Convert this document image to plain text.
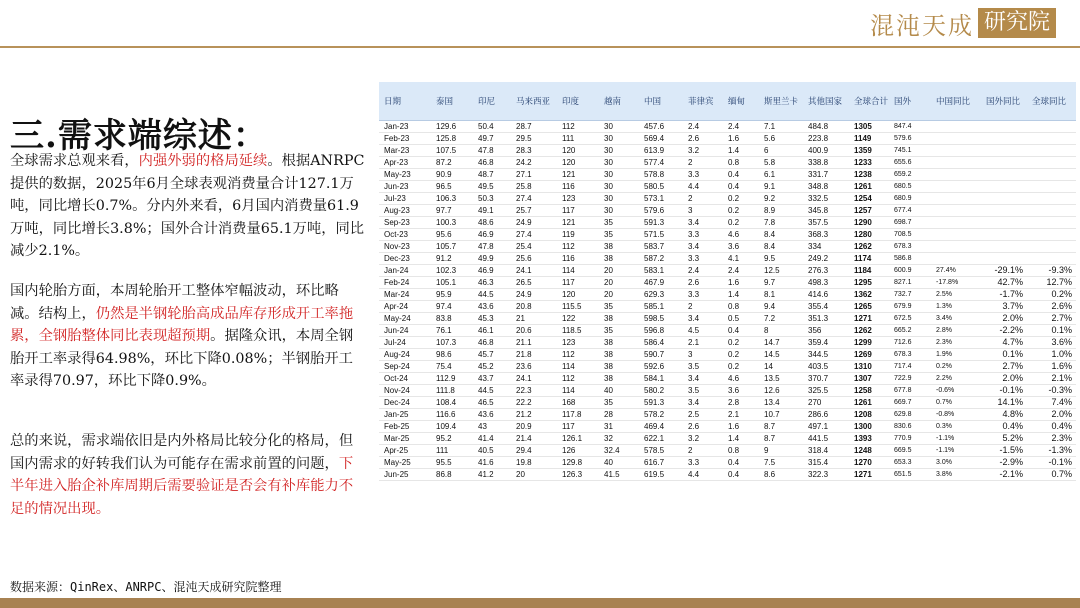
混沌天成 研究院
三.需求端综述：
全球需求总观来看，内强外弱的格局延续。根据ANRPC提供的数据，2025年6月全球表观消费量合计127.1万吨，同比增长0.7%。分内外来看，6月国内消费量61.9万吨，同比增长3.8%；国外合计消费量65.1万吨，同比减少2.1%。
国内轮胎方面，本周轮胎开工整体窄幅波动，环比略减。结构上，仍然是半钢轮胎高成品库存形成开工率拖累，全钢胎整体同比表现超预期。据隆众讯，本周全钢胎开工率录得64.98%，环比下降0.08%；半钢胎开工率录得70.97，环比下降0.9%。
总的来说，需求端依旧是内外格局比较分化的格局，但国内需求的好转我们认为可能存在需求前置的问题，下半年进入胎企补库周期后需要验证是否会有补库能力不足的情况出现。
日期	泰国	印尼	马来西亚	印度	越南	中国	菲律宾	缅甸	斯里兰卡	其他国家	全球合计	国外	中国同比	国外同比	全球同比
Jan-23	129.6	50.4	28.7	112	30	457.6	2.4	2.4	7.1	484.8	1305	847.4			
Feb-23	125.8	49.7	29.5	111	30	569.4	2.6	1.6	5.6	223.8	1149	579.6			
Mar-23	107.5	47.8	28.3	120	30	613.9	3.2	1.4	6	400.9	1359	745.1			
Apr-23	87.2	46.8	24.2	120	30	577.4	2	0.8	5.8	338.8	1233	655.6			
May-23	90.9	48.7	27.1	121	30	578.8	3.3	0.4	6.1	331.7	1238	659.2			
Jun-23	96.5	49.5	25.8	116	30	580.5	4.4	0.4	9.1	348.8	1261	680.5			
Jul-23	106.3	50.3	27.4	123	30	573.1	2	0.2	9.2	332.5	1254	680.9			
Aug-23	97.7	49.1	25.7	117	30	579.6	3	0.2	8.9	345.8	1257	677.4			
Sep-23	100.3	48.6	24.9	121	35	591.3	3.4	0.2	7.8	357.5	1290	698.7			
Oct-23	95.6	46.9	27.4	119	35	571.5	3.3	4.6	8.4	368.3	1280	708.5			
Nov-23	105.7	47.8	25.4	112	38	583.7	3.4	3.6	8.4	334	1262	678.3			
Dec-23	91.2	49.9	25.6	116	38	587.2	3.3	4.1	9.5	249.2	1174	586.8			
Jan-24	102.3	46.9	24.1	114	20	583.1	2.4	2.4	12.5	276.3	1184	600.9	27.4%	-29.1%	-9.3%
Feb-24	105.1	46.3	26.5	117	20	467.9	2.6	1.6	9.7	498.3	1295	827.1	-17.8%	42.7%	12.7%
Mar-24	95.9	44.5	24.9	120	20	629.3	3.3	1.4	8.1	414.6	1362	732.7	2.5%	-1.7%	0.2%
Apr-24	97.4	43.6	20.8	115.5	35	585.1	2	0.8	9.4	355.4	1265	679.9	1.3%	3.7%	2.6%
May-24	83.8	45.3	21	122	38	598.5	3.4	0.5	7.2	351.3	1271	672.5	3.4%	2.0%	2.7%
Jun-24	76.1	46.1	20.6	118.5	35	596.8	4.5	0.4	8	356	1262	665.2	2.8%	-2.2%	0.1%
Jul-24	107.3	46.8	21.1	123	38	586.4	2.1	0.2	14.7	359.4	1299	712.6	2.3%	4.7%	3.6%
Aug-24	98.6	45.7	21.8	112	38	590.7	3	0.2	14.5	344.5	1269	678.3	1.9%	0.1%	1.0%
Sep-24	75.4	45.2	23.6	114	38	592.6	3.5	0.2	14	403.5	1310	717.4	0.2%	2.7%	1.6%
Oct-24	112.9	43.7	24.1	112	38	584.1	3.4	4.6	13.5	370.7	1307	722.9	2.2%	2.0%	2.1%
Nov-24	111.8	44.5	22.3	114	40	580.2	3.5	3.6	12.6	325.5	1258	677.8	-0.6%	-0.1%	-0.3%
Dec-24	108.4	46.5	22.2	168	35	591.3	3.4	2.8	13.4	270	1261	669.7	0.7%	14.1%	7.4%
Jan-25	116.6	43.6	21.2	117.8	28	578.2	2.5	2.1	10.7	286.6	1208	629.8	-0.8%	4.8%	2.0%
Feb-25	109.4	43	20.9	117	31	469.4	2.6	1.6	8.7	497.1	1300	830.6	0.3%	0.4%	0.4%
Mar-25	95.2	41.4	21.4	126.1	32	622.1	3.2	1.4	8.7	441.5	1393	770.9	-1.1%	5.2%	2.3%
Apr-25	111	40.5	29.4	126	32.4	578.5	2	0.8	9	318.4	1248	669.5	-1.1%	-1.5%	-1.3%
May-25	95.5	41.6	19.8	129.8	40	616.7	3.3	0.4	7.5	315.4	1270	653.3	3.0%	-2.9%	-0.1%
Jun-25	86.8	41.2	20	126.3	41.5	619.5	4.4	0.4	8.6	322.3	1271	651.5	3.8%	-2.1%	0.7%
数据来源：QinRex、ANRPC、混沌天成研究院整理
